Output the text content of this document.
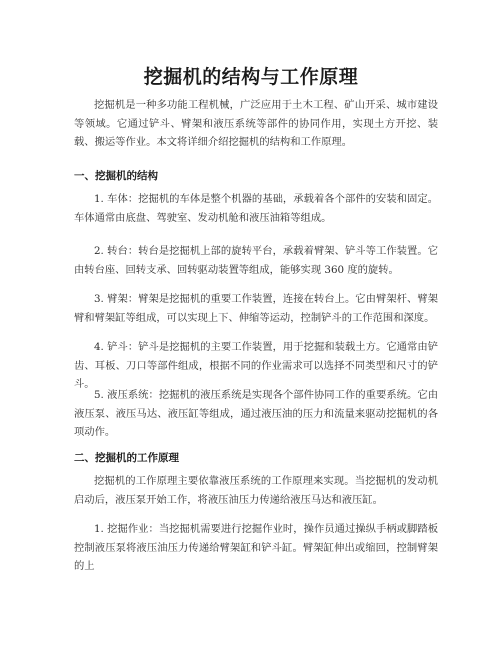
挖掘机的结构与工作原理

挖掘机是一种多功能工程机械，广泛应用于土木工程、矿山开采、城市建设等领域。它通过铲斗、臂架和液压系统等部件的协同作用，实现土方开挖、装载、搬运等作业。本文将详细介绍挖掘机的结构和工作原理。

一、挖掘机的结构

1. 车体：挖掘机的车体是整个机器的基础，承载着各个部件的安装和固定。车体通常由底盘、驾驶室、发动机舱和液压油箱等组成。

2. 转台：转台是挖掘机上部的旋转平台，承载着臂架、铲斗等工作装置。它由转台座、回转支承、回转驱动装置等组成，能够实现 360 度的旋转。

3. 臂架：臂架是挖掘机的重要工作装置，连接在转台上。它由臂架杆、臂架臂和臂架缸等组成，可以实现上下、伸缩等运动，控制铲斗的工作范围和深度。

4. 铲斗：铲斗是挖掘机的主要工作装置，用于挖掘和装载土方。它通常由铲齿、耳板、刀口等部件组成，根据不同的作业需求可以选择不同类型和尺寸的铲斗。

5. 液压系统：挖掘机的液压系统是实现各个部件协同工作的重要系统。它由液压泵、液压马达、液压缸等组成，通过液压油的压力和流量来驱动挖掘机的各项动作。

二、挖掘机的工作原理

挖掘机的工作原理主要依靠液压系统的工作原理来实现。当挖掘机的发动机启动后，液压泵开始工作，将液压油压力传递给液压马达和液压缸。

1. 挖掘作业：当挖掘机需要进行挖掘作业时，操作员通过操纵手柄或脚踏板控制液压泵将液压油压力传递给臂架缸和铲斗缸。臂架缸伸出或缩回，控制臂架的上
